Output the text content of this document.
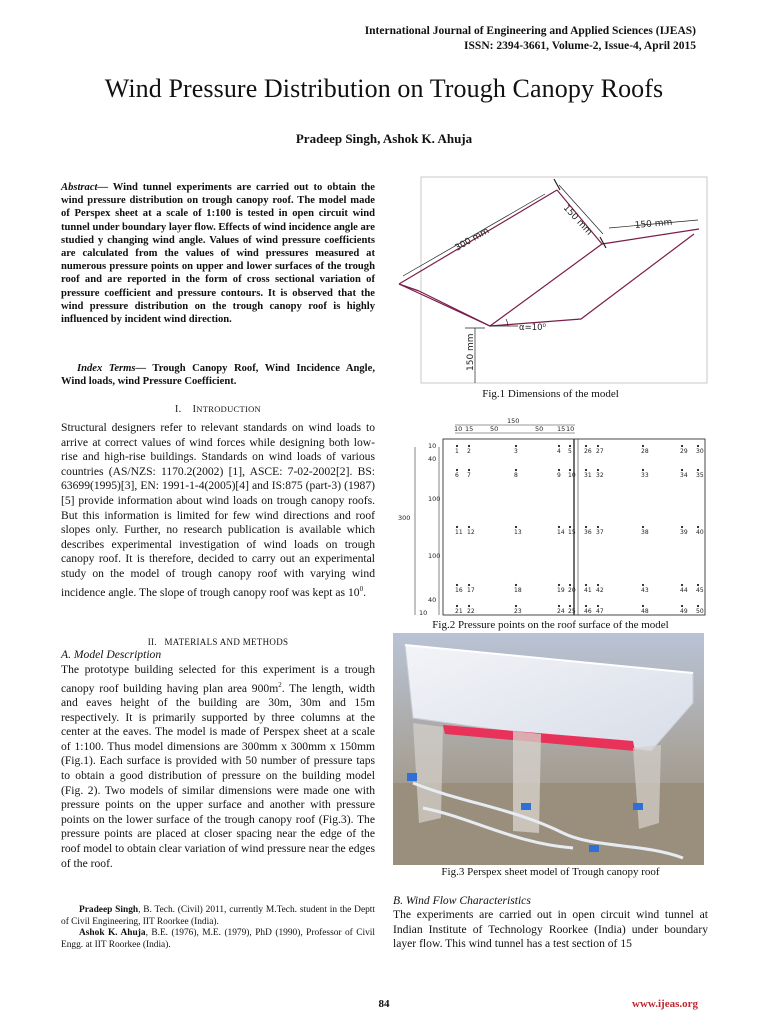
International Journal of Engineering and Applied Sciences (IJEAS)
ISSN: 2394-3661, Volume-2, Issue-4, April 2015
Wind Pressure Distribution on Trough Canopy Roofs
Pradeep Singh, Ashok K. Ahuja
Abstract— Wind tunnel experiments are carried out to obtain the wind pressure distribution on trough canopy roof. The model made of Perspex sheet at a scale of 1:100 is tested in open circuit wind tunnel under boundary layer flow. Effects of wind incidence angle are studied y changing wind angle. Values of wind pressure coefficients are calculated from the values of wind pressures measured at numerous pressure points on upper and lower surfaces of the trough roof and are reported in the form of cross sectional variation of pressure coefficient and pressure contours. It is observed that the wind pressure distribution on the trough canopy roof is highly influenced by incident wind direction.
Index Terms— Trough Canopy Roof, Wind Incidence Angle, Wind loads, wind Pressure Coefficient.
I. INTRODUCTION
Structural designers refer to relevant standards on wind loads to arrive at correct values of wind forces while designing both low-rise and high-rise buildings. Standards on wind loads of various countries (AS/NZS: 1170.2(2002) [1], ASCE: 7-02-2002[2]. BS: 63699(1995)[3], EN: 1991-1-4(2005)[4] and IS:875 (part-3) (1987)[5] provide information about wind loads on trough canopy roofs. But this information is limited for few wind directions and roof slopes only. Further, no research publication is available which describes experimental investigation of wind loads on trough canopy roof. It is therefore, decided to carry out an experimental study on the model of trough canopy roof with varying wind incidence angle. The slope of trough canopy roof was kept as $10^0$.
II. MATERIALS AND METHODS
A. Model Description
The prototype building selected for this experiment is a trough canopy roof building having plan area $900m^2$. The length, width and eaves height of the building are 30m, 30m and 15m respectively. It is primarily supported by three columns at the center at the eaves. The model is made of Perspex sheet at a scale of 1:100. Thus model dimensions are 300mm x 300mm x 150mm (Fig.1). Each surface is provided with 50 number of pressure taps to obtain a good distribution of pressure on the building model (Fig. 2). Two models of similar dimensions were made one with pressure points on the upper surface and another with pressure points on the lower surface of the trough canopy roof (Fig.3). The pressure points are placed at closer spacing near the edge of the roof model to obtain clear variation of wind pressure near the edges of the roof.
Pradeep Singh, B. Tech. (Civil) 2011, currently M.Tech. student in the Deptt of Civil Engineering, IIT Roorkee (India).
Ashok K. Ahuja, B.E. (1976), M.E. (1979), PhD (1990), Professor of Civil Engg. at IIT Roorkee (India).
300 mm
150 mm	150 mm
150 mm
α=10⁰
Fig.1 Dimensions of the model
150
10 15	50	50 15 10
10
40
100
300
100
40
10
1 2	3	4 5 26 27	28	29 30
6 7	8	9 10 31 32	33	34 35
11 12	13	14 15 36 37	38	39 40
16 17	18	19 20 41 42	43	44 45
21 22	23	24 25 46 47	48	49 50
Fig.2 Pressure points on the roof surface of the model
Fig.3 Perspex sheet model of Trough canopy roof
B. Wind Flow Characteristics
The experiments are carried out in open circuit wind tunnel at Indian Institute of Technology Roorkee (India) under boundary layer flow. This wind tunnel has a test section of 15
84	www.ijeas.org
